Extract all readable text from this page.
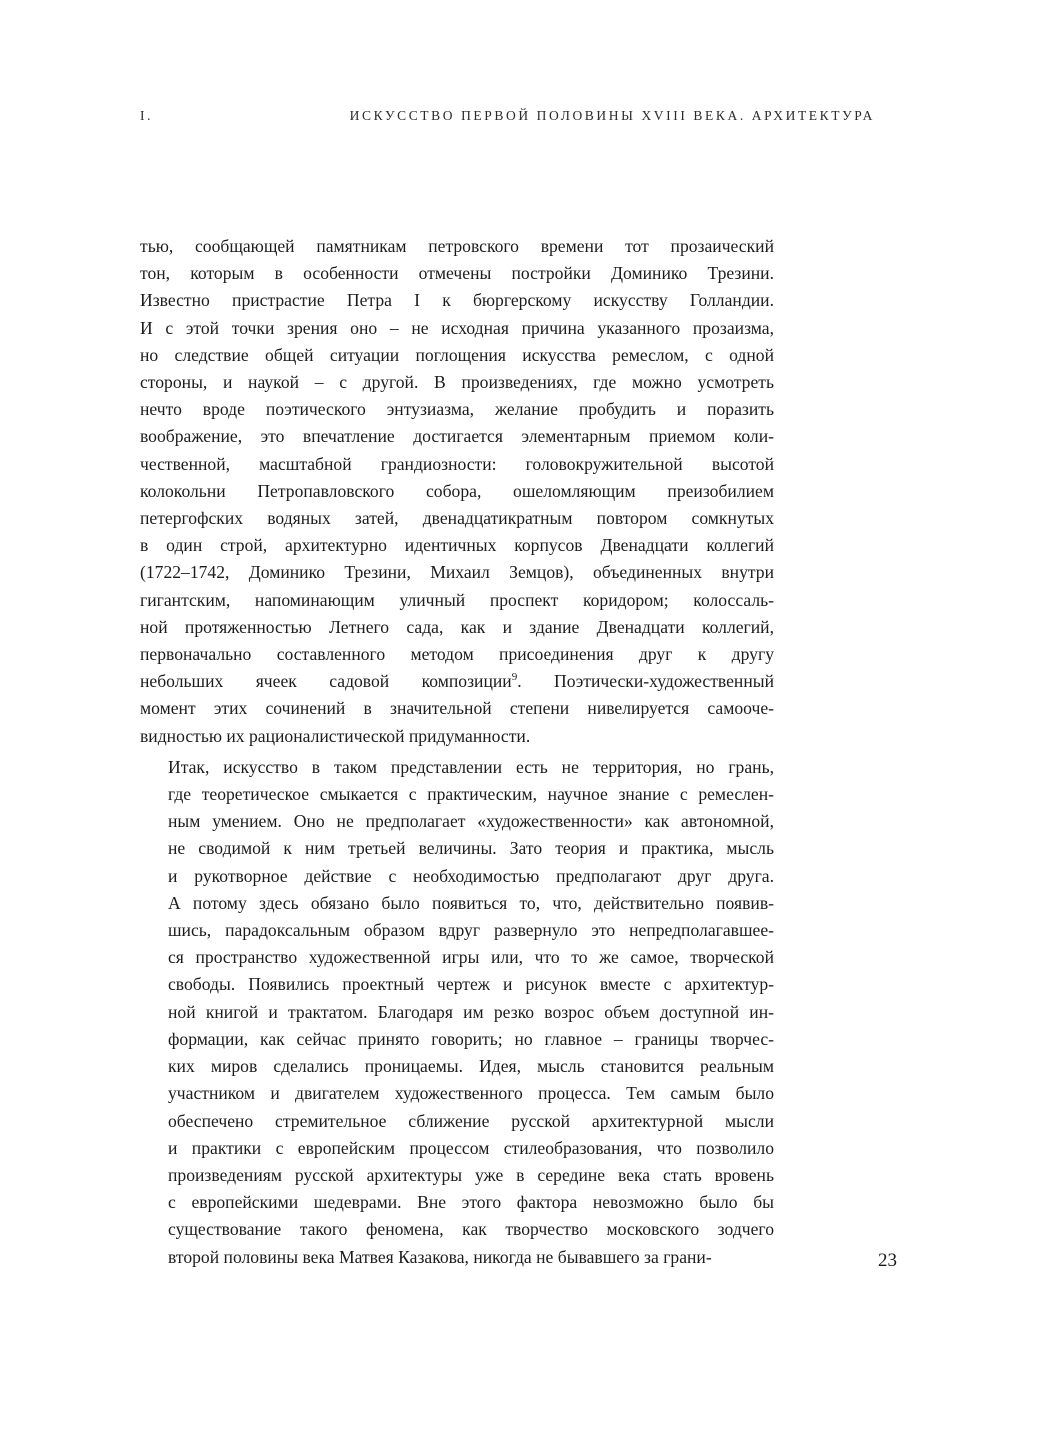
I.	ИСКУССТВО ПЕРВОЙ ПОЛОВИНЫ XVIII ВЕКА. АРХИТЕКТУРА

тью, сообщающей памятникам петровского времени тот прозаический
тон, которым в особенности отмечены постройки Доминико Трезини.
Известно пристрастие Петра I к бюргерскому искусству Голландии.
И с этой точки зрения оно – не исходная причина указанного прозаизма,
но следствие общей ситуации поглощения искусства ремеслом, с одной
стороны, и наукой – с другой. В произведениях, где можно усмотреть
нечто вроде поэтического энтузиазма, желание пробудить и поразить
воображение, это впечатление достигается элементарным приемом коли-
чественной, масштабной грандиозности: головокружительной высотой
колокольни Петропавловского собора, ошеломляющим преизобилием
петергофских водяных затей, двенадцатикратным повтором сомкнутых
в один строй, архитектурно идентичных корпусов Двенадцати коллегий
(1722–1742, Доминико Трезини, Михаил Земцов), объединенных внутри
гигантским, напоминающим уличный проспект коридором; колоссаль-
ной протяженностью Летнего сада, как и здание Двенадцати коллегий,
первоначально составленного методом присоединения друг к другу
небольших ячеек садовой композиции$^9$. Поэтически-художественный
момент этих сочинений в значительной степени нивелируется самооче-
видностью их рационалистической придуманности.

Итак, искусство в таком представлении есть не территория, но грань,
где теоретическое смыкается с практическим, научное знание с ремеслен-
ным умением. Оно не предполагает «художественности» как автономной,
не сводимой к ним третьей величины. Зато теория и практика, мысль
и рукотворное действие с необходимостью предполагают друг друга.
А потому здесь обязано было появиться то, что, действительно появив-
шись, парадоксальным образом вдруг развернуло это непредполагавшее-
ся пространство художественной игры или, что то же самое, творческой
свободы. Появились проектный чертеж и рисунок вместе с архитектур-
ной книгой и трактатом. Благодаря им резко возрос объем доступной ин-
формации, как сейчас принято говорить; но главное – границы творчес-
ких миров сделались проницаемы. Идея, мысль становится реальным
участником и двигателем художественного процесса. Тем самым было
обеспечено стремительное сближение русской архитектурной мысли
и практики с европейским процессом стилеобразования, что позволило
произведениям русской архитектуры уже в середине века стать вровень
с европейскими шедеврами. Вне этого фактора невозможно было бы
существование такого феномена, как творчество московского зодчего
второй половины века Матвея Казакова, никогда не бывавшего за грани-	23
